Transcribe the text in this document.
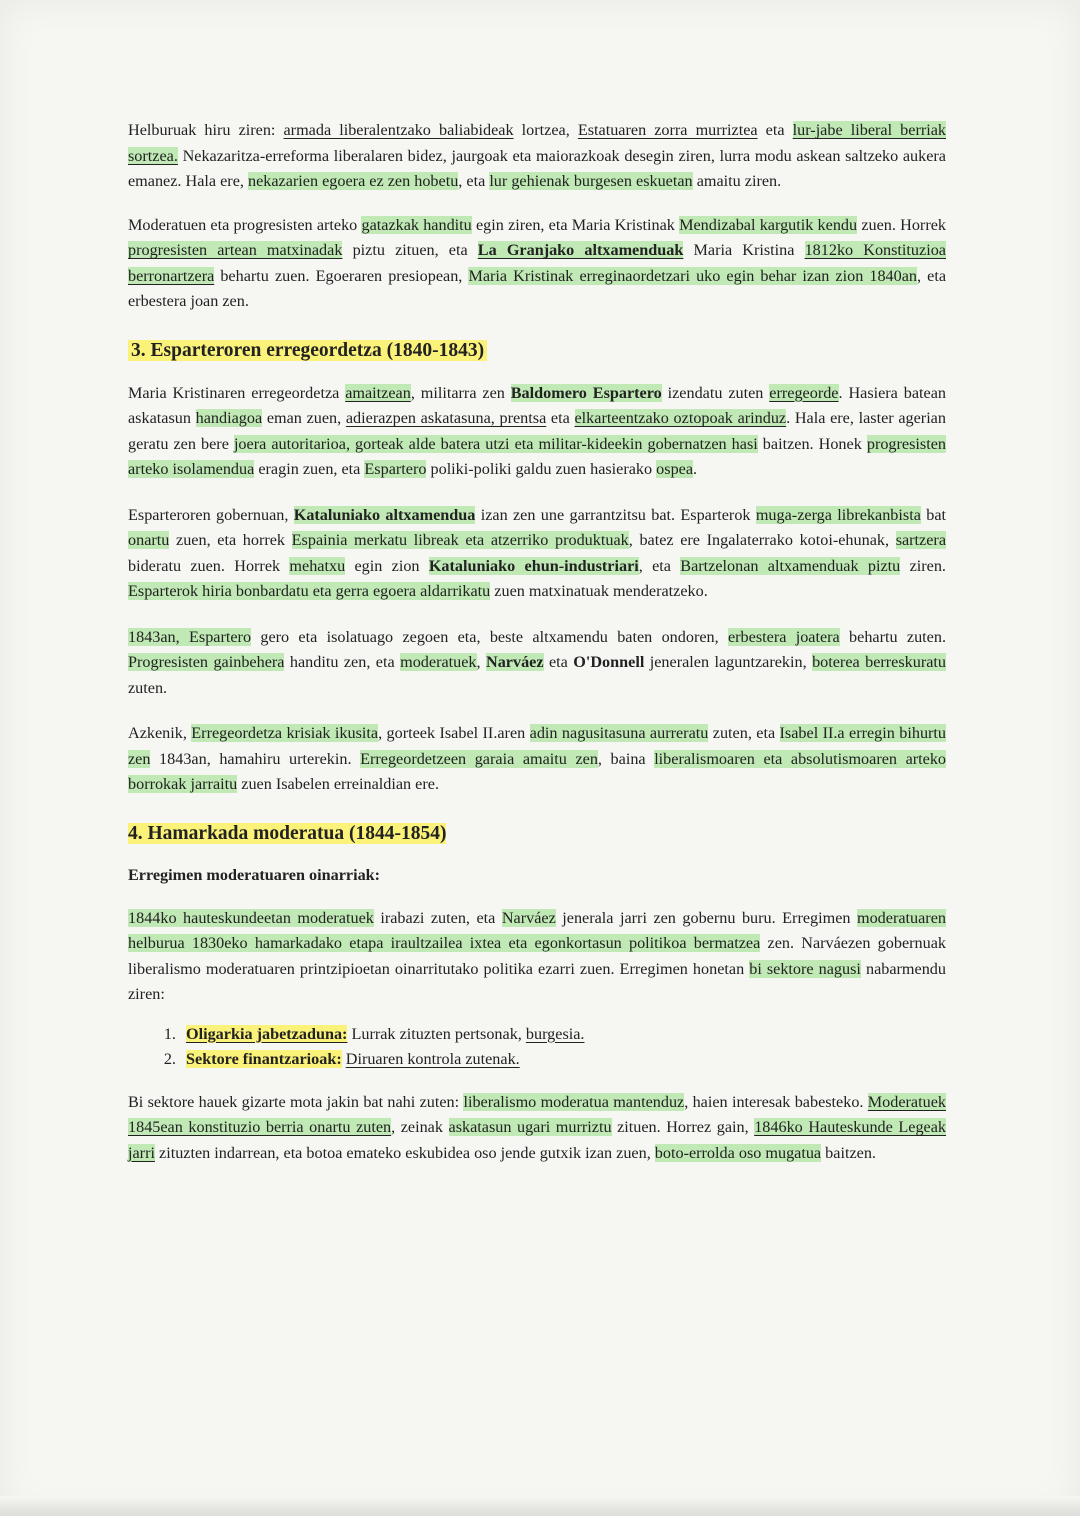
Helburuak hiru ziren: armada liberalentzako baliabideak lortzea, Estatuaren zorra murriztea eta lur-jabe liberal berriak sortzea. Nekazaritza-erreforma liberalaren bidez, jaurgoak eta maiorazkoak desegin ziren, lurra modu askean saltzeko aukera emanez. Hala ere, nekazarien egoera ez zen hobetu, eta lur gehienak burgesen eskuetan amaitu ziren.

Moderatuen eta progresisten arteko gatazkak handitu egin ziren, eta Maria Kristinak Mendizabal kargutik kendu zuen. Horrek progresisten artean matxinadak piztu zituen, eta La Granjako altxamenduak Maria Kristina 1812ko Konstituzioa berronartzera behartu zuen. Egoeraren presiopean, Maria Kristinak erreginaordetzari uko egin behar izan zion 1840an, eta erbestera joan zen.

3. Esparteroren erregeordetza (1840-1843)

Maria Kristinaren erregeordetza amaitzean, militarra zen Baldomero Espartero izendatu zuten erregeorde. Hasiera batean askatasun handiagoa eman zuen, adierazpen askatasuna, prentsa eta elkarteentzako oztopoak arinduz. Hala ere, laster agerian geratu zen bere joera autoritarioa, gorteak alde batera utzi eta militar-kideekin gobernatzen hasi baitzen. Honek progresisten arteko isolamendua eragin zuen, eta Espartero poliki-poliki galdu zuen hasierako ospea.

Esparteroren gobernuan, Kataluniako altxamendua izan zen une garrantzitsu bat. Esparterok muga-zerga librekanbista bat onartu zuen, eta horrek Espainia merkatu libreak eta atzerriko produktuak, batez ere Ingalaterrako kotoi-ehunak, sartzera bideratu zuen. Horrek mehatxu egin zion Kataluniako ehun-industriari, eta Bartzelonan altxamenduak piztu ziren. Esparterok hiria bonbardatu eta gerra egoera aldarrikatu zuen matxinatuak menderatzeko.

1843an, Espartero gero eta isolatuago zegoen eta, beste altxamendu baten ondoren, erbestera joatera behartu zuten. Progresisten gainbehera handitu zen, eta moderatuek, Narváez eta O'Donnell jeneralen laguntzarekin, boterea berreskuratu zuten.

Azkenik, Erregeordetza krisiak ikusita, gorteek Isabel II.aren adin nagusitasuna aurreratu zuten, eta Isabel II.a erregin bihurtu zen 1843an, hamahiru urterekin. Erregeordetzeen garaia amaitu zen, baina liberalismoaren eta absolutismoaren arteko borrokak jarraitu zuen Isabelen erreinaldian ere.

4. Hamarkada moderatua (1844-1854)
Erregimen moderatuaren oinarriak:

1844ko hauteskundeetan moderatuek irabazi zuten, eta Narváez jenerala jarri zen gobernu buru. Erregimen moderatuaren helburua 1830eko hamarkadako etapa iraultzailea ixtea eta egonkortasun politikoa bermatzea zen. Narváezen gobernuak liberalismo moderatuaren printzipioetan oinarritutako politika ezarri zuen. Erregimen honetan bi sektore nagusi nabarmendu ziren:

1. Oligarkia jabetzaduna: Lurrak zituzten pertsonak, burgesia.
2. Sektore finantzarioak: Diruaren kontrola zutenak.

Bi sektore hauek gizarte mota jakin bat nahi zuten: liberalismo moderatua mantenduz, haien interesak babesteko. Moderatuek 1845ean konstituzio berria onartu zuten, zeinak askatasun ugari murriztu zituen. Horrez gain, 1846ko Hauteskunde Legeak jarri zituzten indarrean, eta botoa emateko eskubidea oso jende gutxik izan zuen, boto-errolda oso mugatua baitzen.
